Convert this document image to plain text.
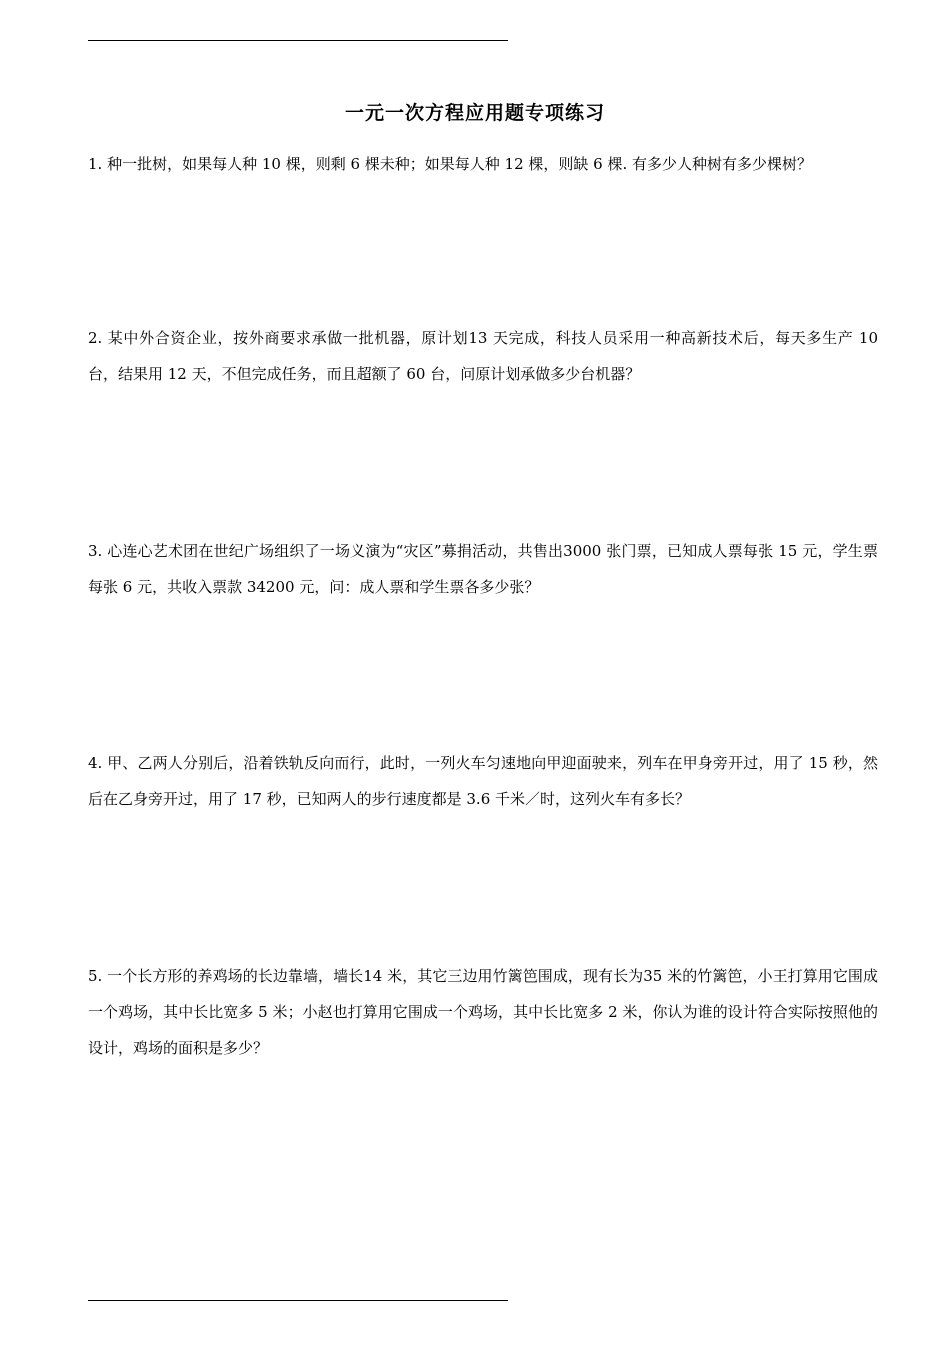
一元一次方程应用题专项练习
1. 种一批树，如果每人种 10 棵，则剩 6 棵未种；如果每人种 12 棵，则缺 6 棵. 有多少人种树有多少棵树？
2. 某中外合资企业，按外商要求承做一批机器，原计划13 天完成，科技人员采用一种高新技术后，每天多生产 10 台，结果用 12 天，不但完成任务，而且超额了 60 台，问原计划承做多少台机器？
3. 心连心艺术团在世纪广场组织了一场义演为“灾区”募捐活动，共售出3000 张门票，已知成人票每张 15 元，学生票每张 6 元，共收入票款 34200 元，问：成人票和学生票各多少张？
4. 甲、乙两人分别后，沿着铁轨反向而行，此时，一列火车匀速地向甲迎面驶来，列车在甲身旁开过，用了 15 秒，然后在乙身旁开过，用了 17 秒，已知两人的步行速度都是 3.6 千米／时，这列火车有多长？
5. 一个长方形的养鸡场的长边靠墙，墙长14 米，其它三边用竹篱笆围成，现有长为35 米的竹篱笆，小王打算用它围成一个鸡场，其中长比宽多 5 米；小赵也打算用它围成一个鸡场，其中长比宽多 2 米，你认为谁的设计符合实际按照他的设计，鸡场的面积是多少？
